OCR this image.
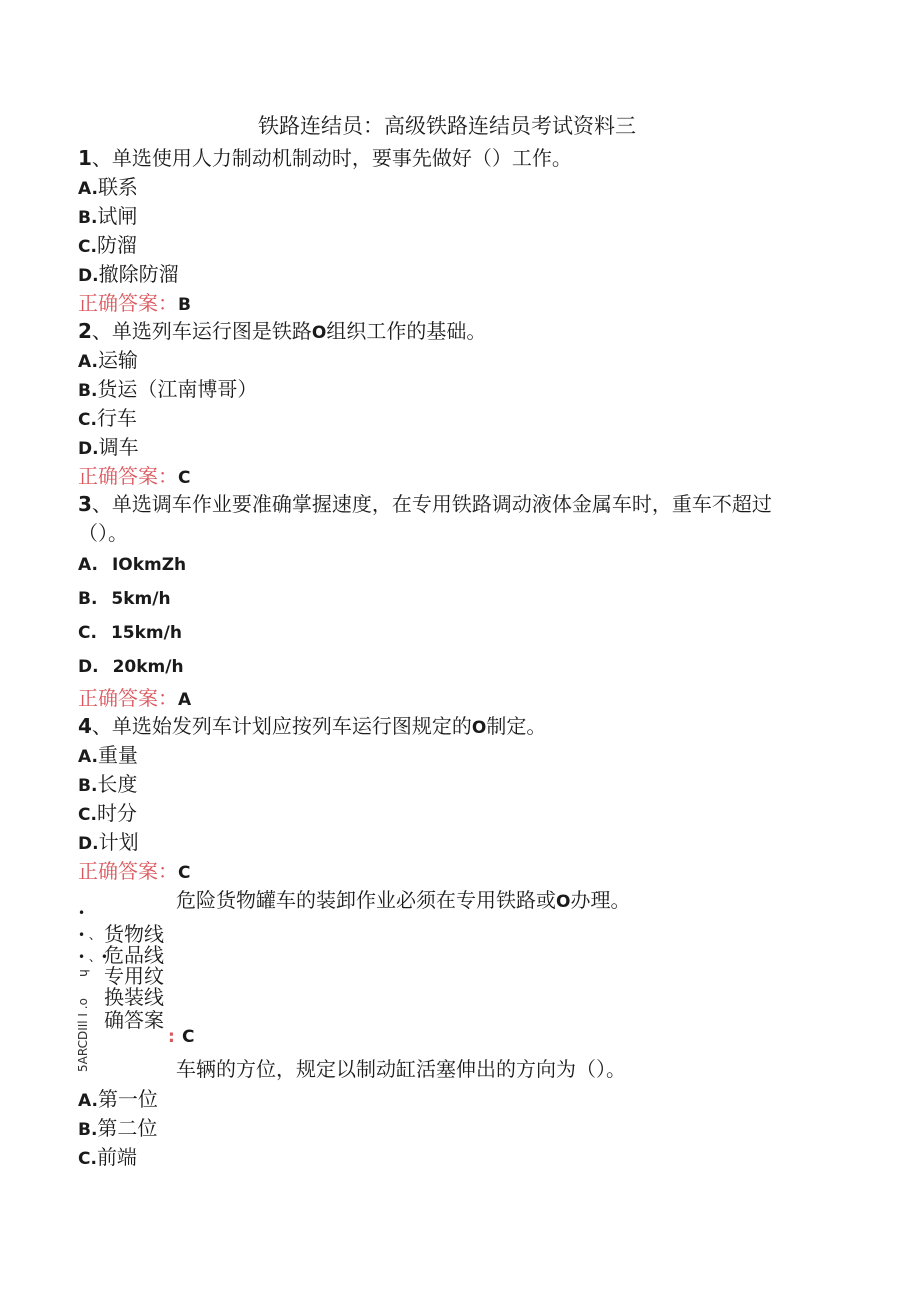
铁路连结员：高级铁路连结员考试资料三
1、单选使用人力制动机制动时，要事先做好（）工作。
A.联系
B.试闸
C.防溜
D.撤除防溜
正确答案：B
2、单选列车运行图是铁路O组织工作的基础。
A.运输
B.货运（江南博哥）
C.行车
D.调车
正确答案：C
3、单选调车作业要准确掌握速度，在专用铁路调动液体金属车时，重车不超过
（）。
A. IOkmZh
B. 5km/h
C. 15km/h
D. 20km/h
正确答案：A
4、单选始发列车计划应按列车运行图规定的O制定。
A.重量
B.长度
C.时分
D.计划
正确答案：C
危险货物罐车的装卸作业必须在专用铁路或O办理。
•
• 、
• 、•
h
5ARCDIIl I .o
货物线
危品线
专用纹
换装线
确答案
: C
车辆的方位，规定以制动缸活塞伸出的方向为（）。
A.第一位
B.第二位
C.前端
